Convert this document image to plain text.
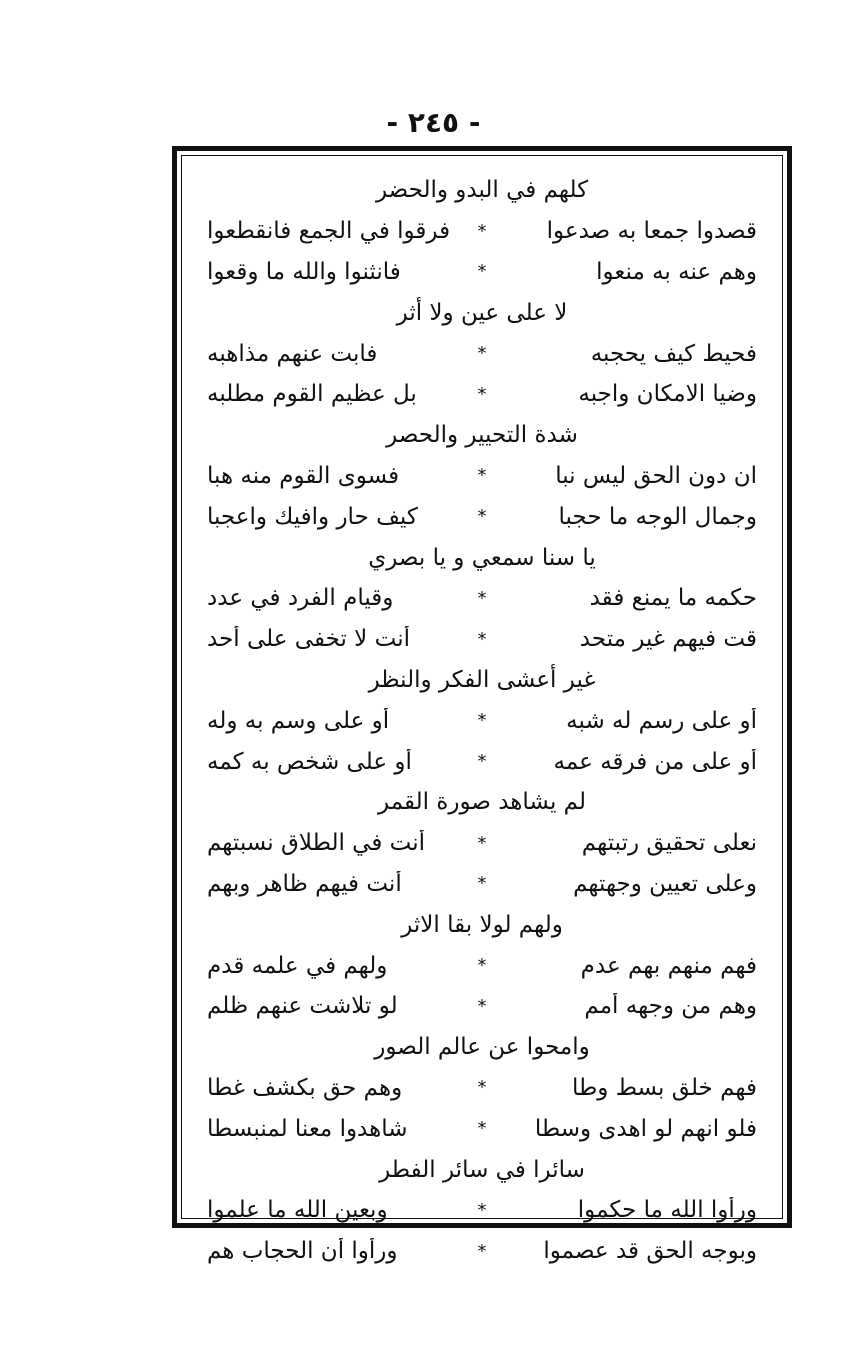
- ٢٤٥ -
كلهم في البدو والحضر
قصدوا جمعا به صدعوا
*
فرقوا في الجمع فانقطعوا
وهم عنه به منعوا
*
فانثنوا والله ما وقعوا
لا على عين ولا أثر
فحيط كيف يحجبه
*
فابت عنهم مذاهبه
وضيا الامكان واجبه
*
بل عظيم القوم مطلبه
شدة التحيير والحصر
ان دون الحق ليس نبا
*
فسوى القوم منه هبا
وجمال الوجه ما حجبا
*
كيف حار وافيك واعجبا
يا سنا سمعي و يا بصري
حكمه ما يمنع فقد
*
وقيام الفرد في عدد
قت فيهم غير متحد
*
أنت لا تخفى على أحد
غير أعشى الفكر والنظر
أو على رسم له شبه
*
أو على وسم به وله
أو على من فرقه عمه
*
أو على شخص به كمه
لم يشاهد صورة القمر
نعلى تحقيق رتبتهم
*
أنت في الطلاق نسبتهم
وعلى تعيين وجهتهم
*
أنت فيهم ظاهر وبهم
ولهم لولا بقا الاثر
فهم منهم بهم عدم
*
ولهم في علمه قدم
وهم من وجهه أمم
*
لو تلاشت عنهم ظلم
وامحوا عن عالم الصور
فهم خلق بسط وطا
*
وهم حق بكشف غطا
فلو انهم لو اهدى وسطا
*
شاهدوا معنا لمنبسطا
سائرا في سائر الفطر
ورأوا الله ما حكموا
*
وبعين الله ما علموا
وبوجه الحق قد عصموا
*
ورأوا أن الحجاب هم
